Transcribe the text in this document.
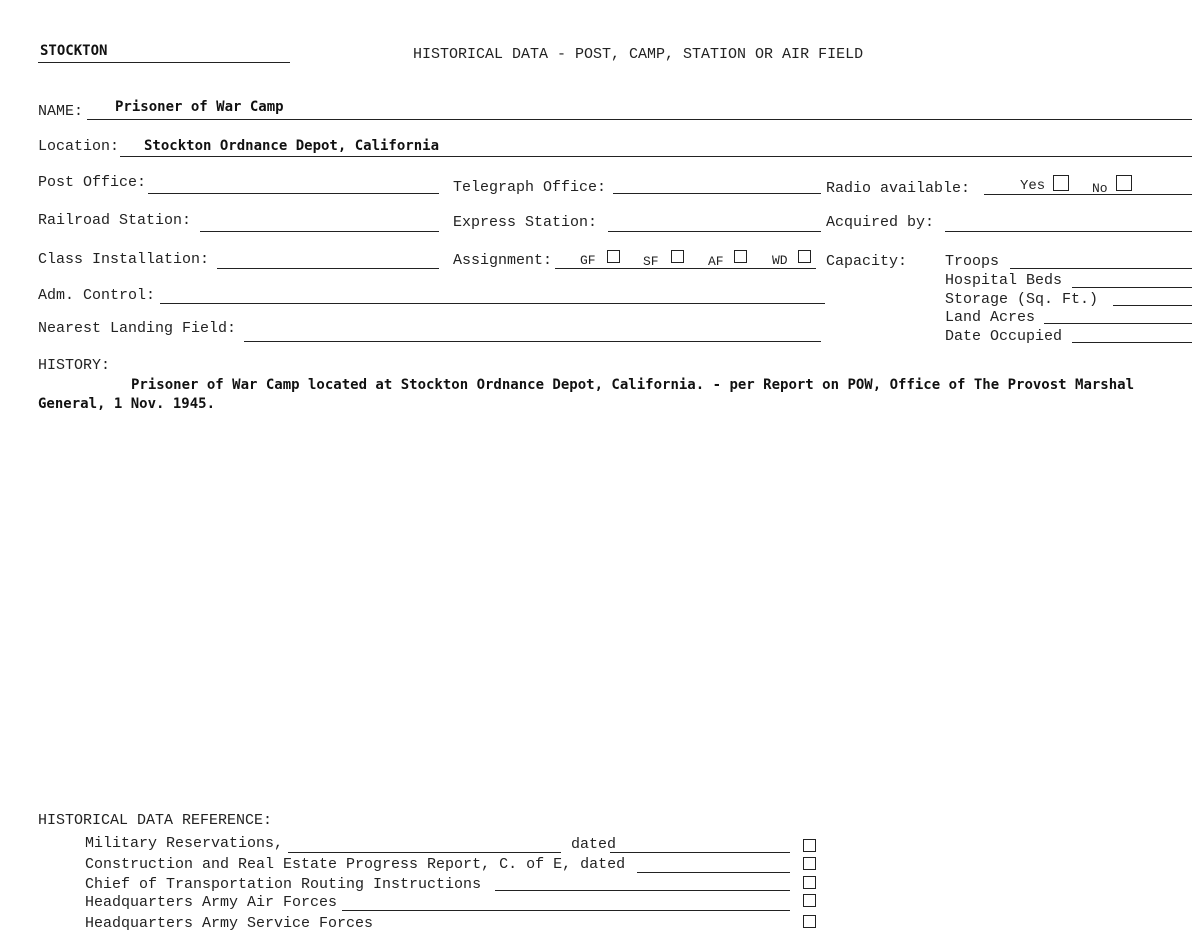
STOCKTON	HISTORICAL DATA - POST, CAMP, STATION OR AIR FIELD
NAME: Prisoner of War Camp
Location: Stockton Ordnance Depot, California
Post Office:	Telegraph Office:	Radio available:	Yes	No
Railroad Station:	Express Station:	Acquired by:
Class Installation:	Assignment: GF	SF	AF	WD	Capacity:	Troops
Hospital Beds
Storage (Sq. Ft.)
Land Acres
Date Occupied
Adm. Control:
Nearest Landing Field:
HISTORY:
Prisoner of War Camp located at Stockton Ordnance Depot, California. - per Report on POW, Office of The Provost Marshal General, 1 Nov. 1945.
HISTORICAL DATA REFERENCE:
Military Reservations,	dated
Construction and Real Estate Progress Report, C. of E, dated
Chief of Transportation Routing Instructions
Headquarters Army Air Forces
Headquarters Army Service Forces
